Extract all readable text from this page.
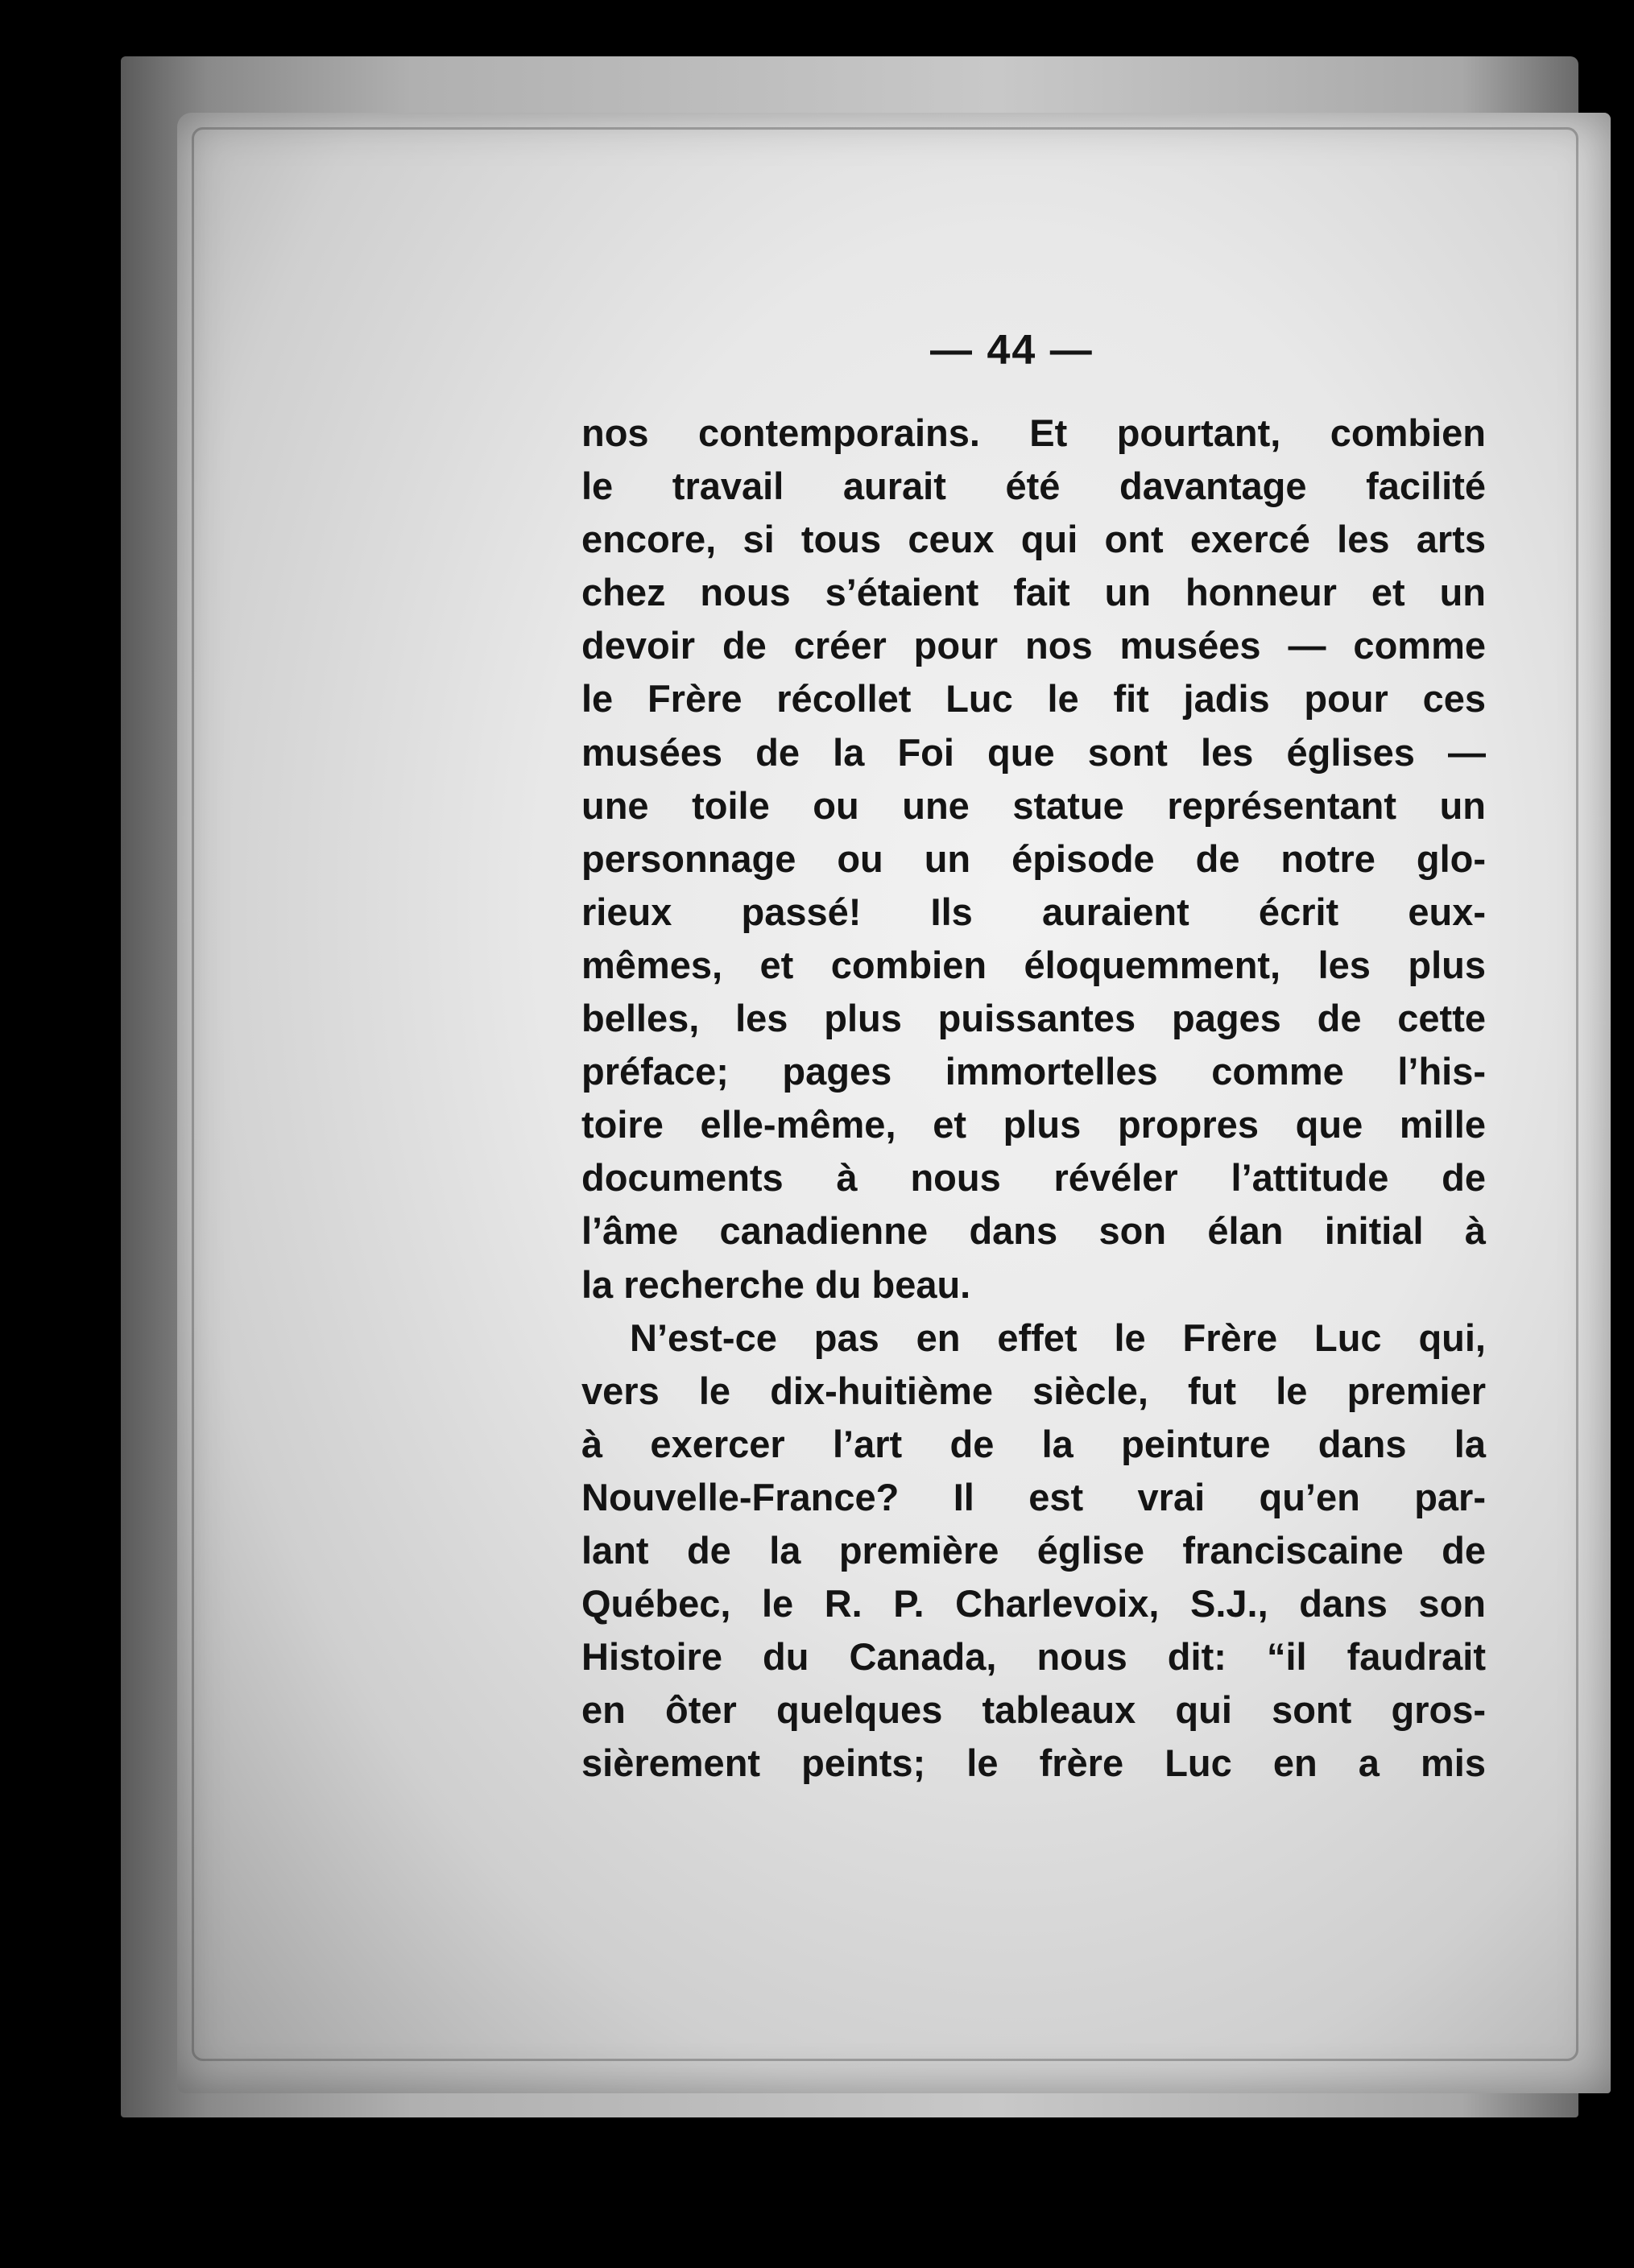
— 44 —
nos contemporains. Et pourtant, combien
le travail aurait été davantage facilité
encore, si tous ceux qui ont exercé les arts
chez nous s’étaient fait un honneur et un
devoir de créer pour nos musées — comme
le Frère récollet Luc le fit jadis pour ces
musées de la Foi que sont les églises —
une toile ou une statue représentant un
personnage ou un épisode de notre glo-
rieux passé! Ils auraient écrit eux-
mêmes, et combien éloquemment, les plus
belles, les plus puissantes pages de cette
préface; pages immortelles comme l’his-
toire elle-même, et plus propres que mille
documents à nous révéler l’attitude de
l’âme canadienne dans son élan initial à
la recherche du beau.
N’est-ce pas en effet le Frère Luc qui,
vers le dix-huitième siècle, fut le premier
à exercer l’art de la peinture dans la
Nouvelle-France? Il est vrai qu’en par-
lant de la première église franciscaine de
Québec, le R. P. Charlevoix, S.J., dans son
Histoire du Canada, nous dit: “il faudrait
en ôter quelques tableaux qui sont gros-
sièrement peints; le frère Luc en a mis
